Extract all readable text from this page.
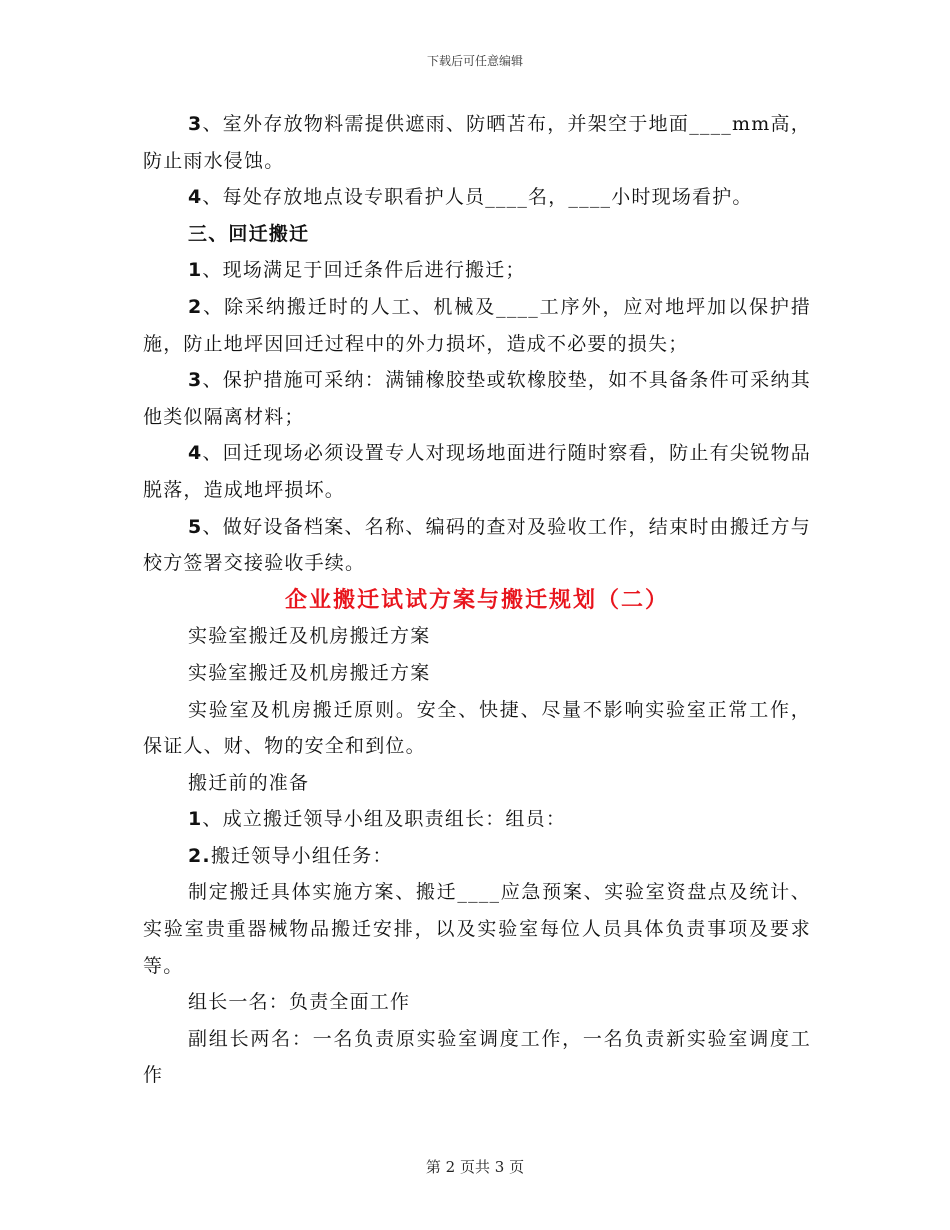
下载后可任意编辑

3、室外存放物料需提供遮雨、防晒苫布，并架空于地面____mm高，防止雨水侵蚀。

4、每处存放地点设专职看护人员____名，____小时现场看护。

三、回迁搬迁

1、现场满足于回迁条件后进行搬迁；

2、除采纳搬迁时的人工、机械及____工序外，应对地坪加以保护措施，防止地坪因回迁过程中的外力损坏，造成不必要的损失；

3、保护措施可采纳：满铺橡胶垫或软橡胶垫，如不具备条件可采纳其他类似隔离材料；

4、回迁现场必须设置专人对现场地面进行随时察看，防止有尖锐物品脱落，造成地坪损坏。

5、做好设备档案、名称、编码的查对及验收工作，结束时由搬迁方与校方签署交接验收手续。

企业搬迁试试方案与搬迁规划（二）

实验室搬迁及机房搬迁方案

实验室搬迁及机房搬迁方案

实验室及机房搬迁原则。安全、快捷、尽量不影响实验室正常工作，保证人、财、物的安全和到位。

搬迁前的准备

1、成立搬迁领导小组及职责组长：组员：

2.搬迁领导小组任务：

制定搬迁具体实施方案、搬迁____应急预案、实验室资盘点及统计、实验室贵重器械物品搬迁安排，以及实验室每位人员具体负责事项及要求等。

组长一名：负责全面工作

副组长两名：一名负责原实验室调度工作，一名负责新实验室调度工作

第 2 页共 3 页
